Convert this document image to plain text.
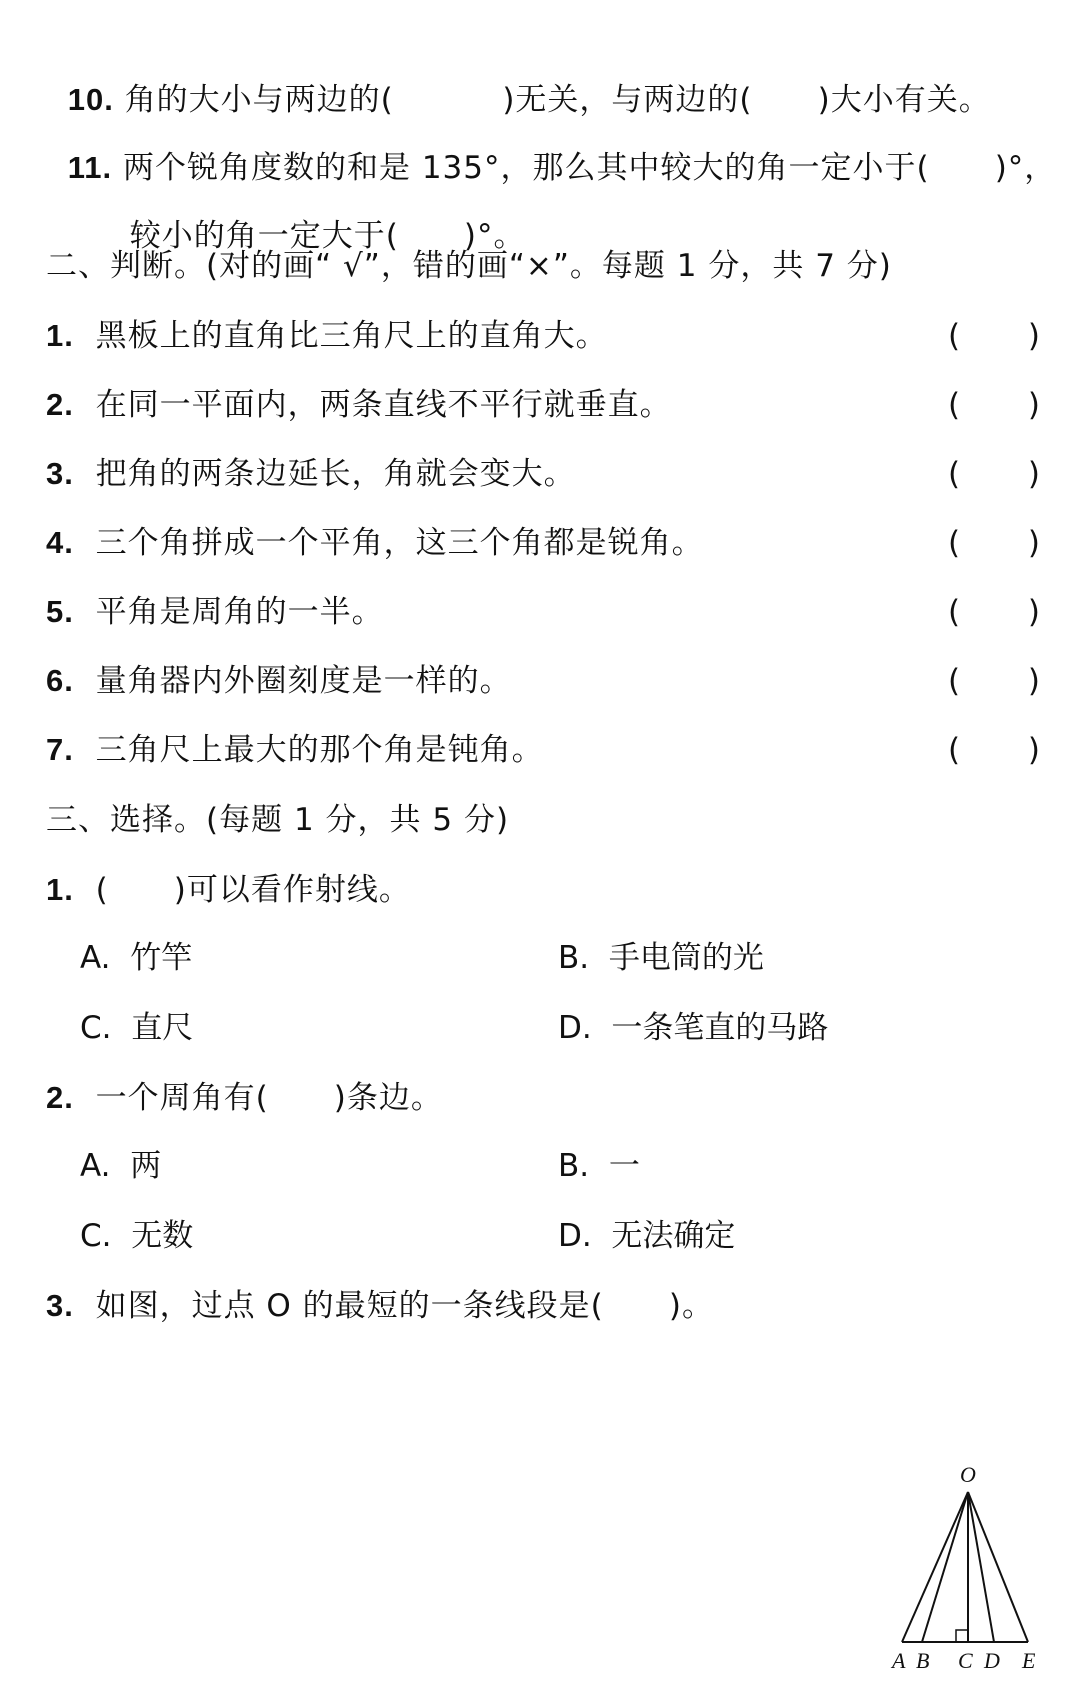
10. 角的大小与两边的(          )无关，与两边的(      )大小有关。

11. 两个锐角度数的和是 135°，那么其中较大的角一定小于(      )°，

较小的角一定大于(      )°。

二、判断。(对的画“ √”，错的画“×”。每题 1 分，共 7 分)
1. 黑板上的直角比三角尺上的直角大。	( )
2. 在同一平面内，两条直线不平行就垂直。	( )
3. 把角的两条边延长，角就会变大。	( )
4. 三个角拼成一个平角，这三个角都是锐角。	( )
5. 平角是周角的一半。	( )
6. 量角器内外圈刻度是一样的。	( )
7. 三角尺上最大的那个角是钝角。	( )
三、选择。(每题 1 分，共 5 分)
1. (      )可以看作射线。
A.  竹竿	B.  手电筒的光
C.  直尺	D.  一条笔直的马路
2. 一个周角有(      )条边。
A.  两	B.  一
C.  无数	D.  无法确定
3. 如图，过点 O 的最短的一条线段是(      )。
O
A B C D E
